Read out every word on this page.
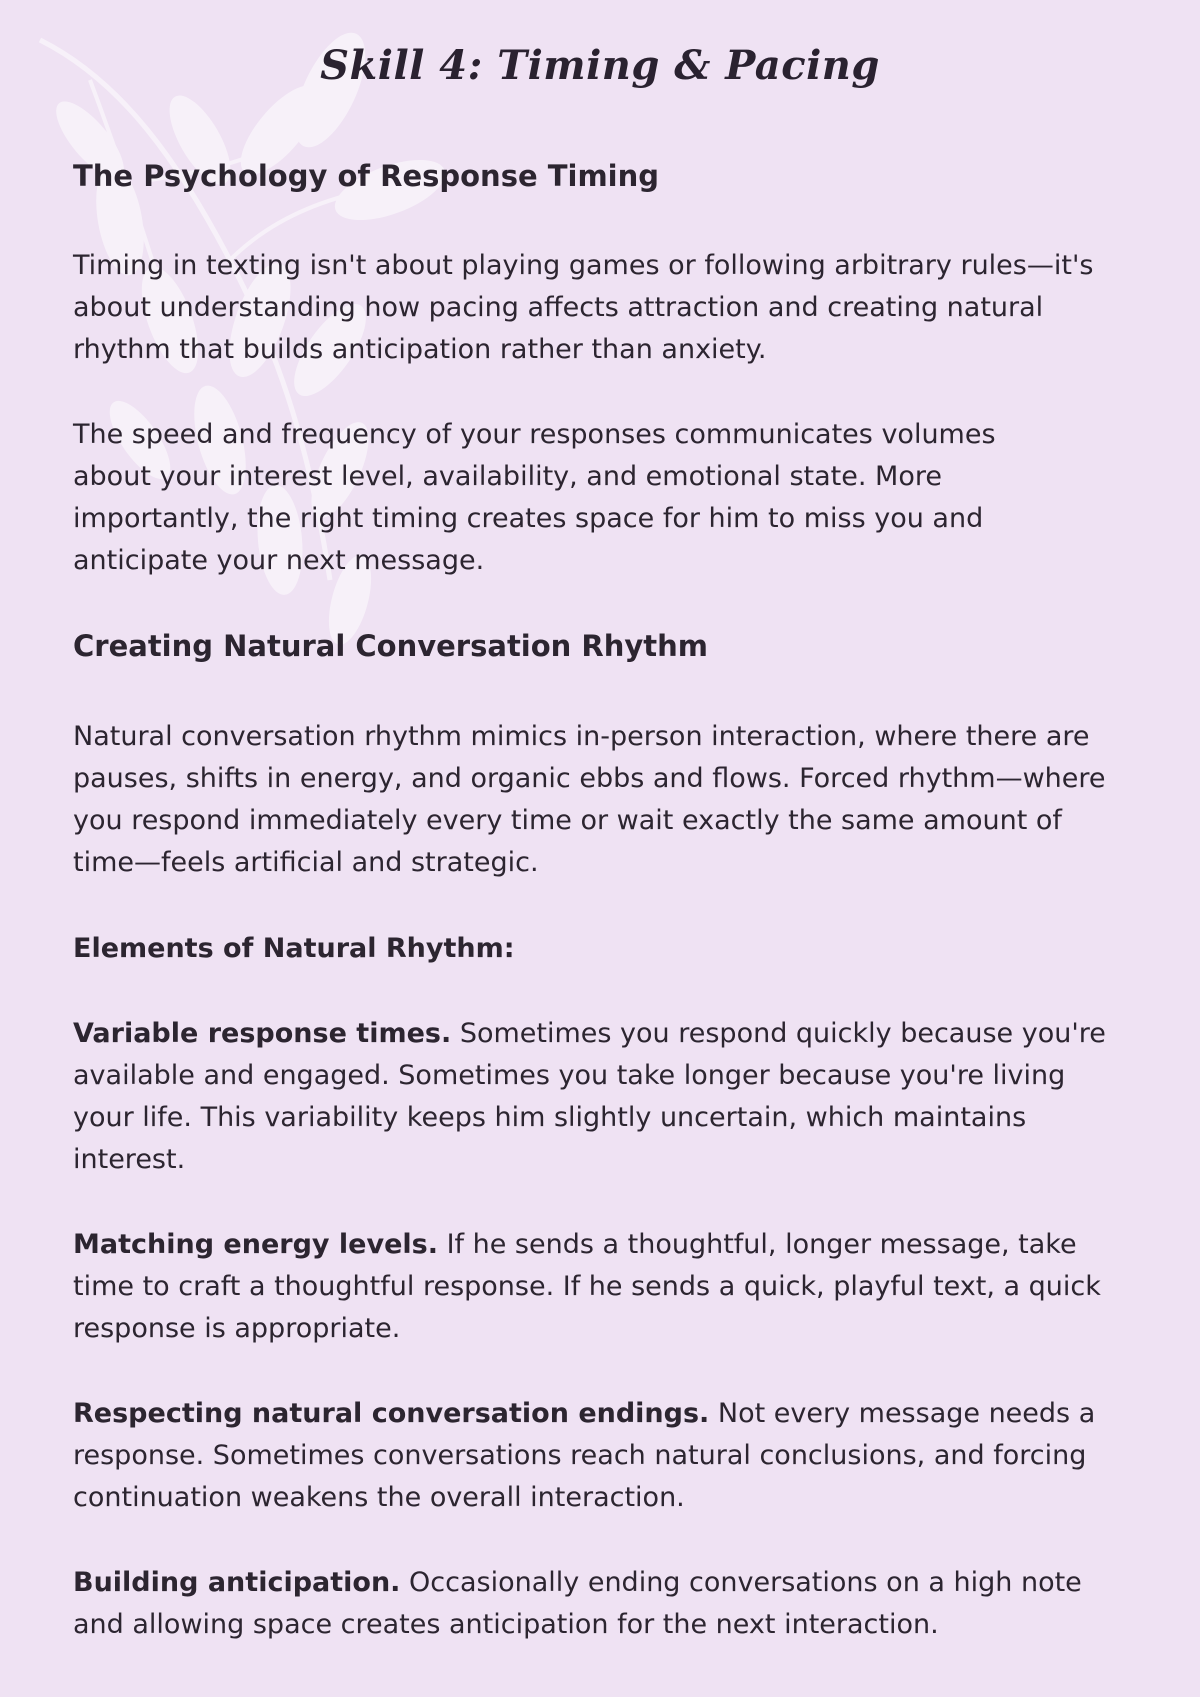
Skill 4: Timing & Pacing
The Psychology of Response Timing

Timing in texting isn't about playing games or following arbitrary rules—it's about understanding how pacing affects attraction and creating natural rhythm that builds anticipation rather than anxiety.

The speed and frequency of your responses communicates volumes about your interest level, availability, and emotional state. More importantly, the right timing creates space for him to miss you and anticipate your next message.

Creating Natural Conversation Rhythm

Natural conversation rhythm mimics in-person interaction, where there are pauses, shifts in energy, and organic ebbs and flows. Forced rhythm—where you respond immediately every time or wait exactly the same amount of time—feels artificial and strategic.

Elements of Natural Rhythm:

Variable response times. Sometimes you respond quickly because you're available and engaged. Sometimes you take longer because you're living your life. This variability keeps him slightly uncertain, which maintains interest.

Matching energy levels. If he sends a thoughtful, longer message, take time to craft a thoughtful response. If he sends a quick, playful text, a quick response is appropriate.

Respecting natural conversation endings. Not every message needs a response. Sometimes conversations reach natural conclusions, and forcing continuation weakens the overall interaction.

Building anticipation. Occasionally ending conversations on a high note and allowing space creates anticipation for the next interaction.
